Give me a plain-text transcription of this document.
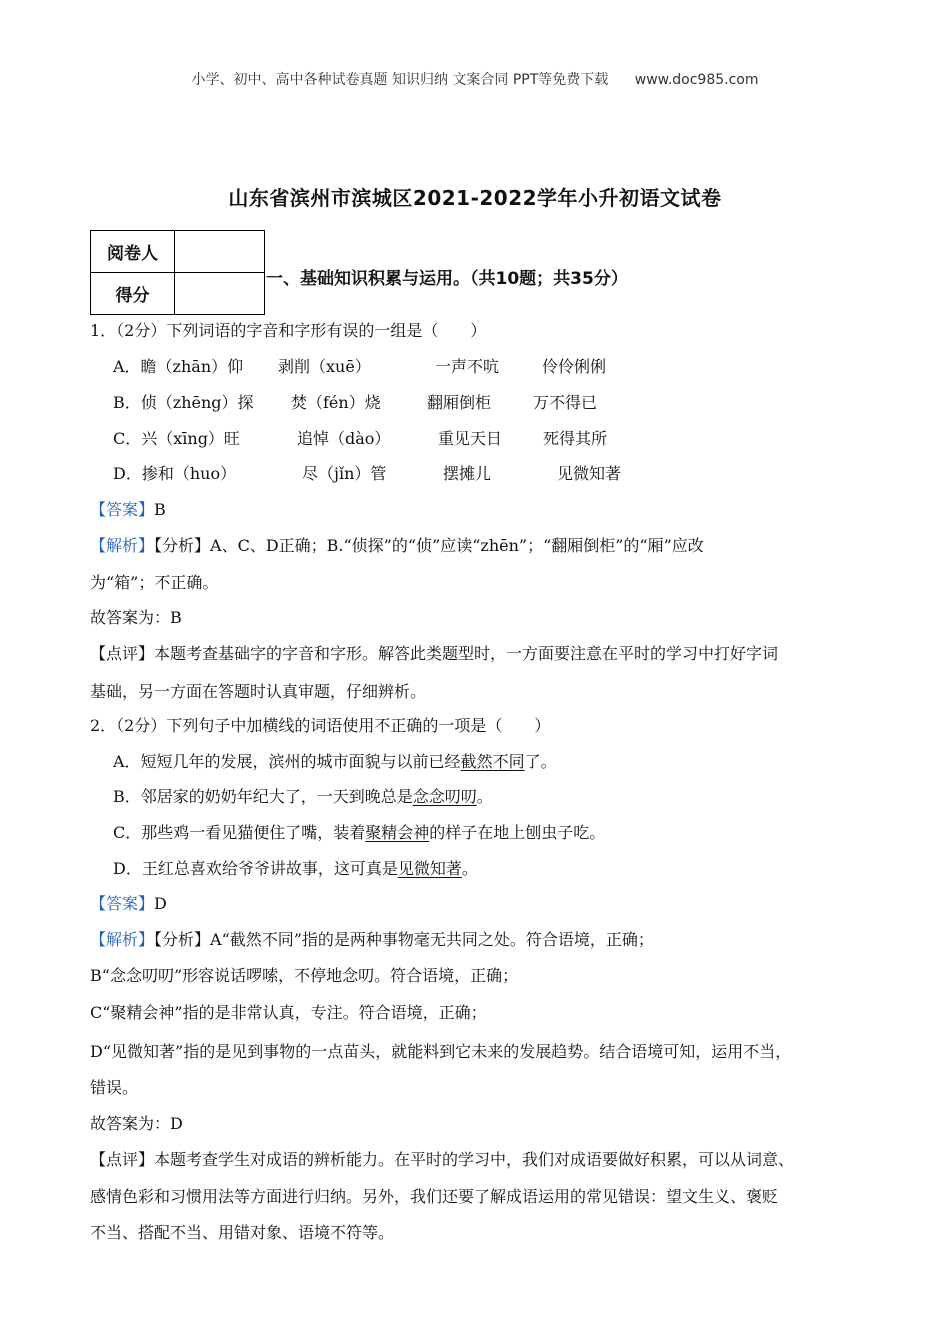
小学、初中、高中各种试卷真题 知识归纳 文案合同 PPT等免费下载 www.doc985.com
山东省滨州市滨城区2021-2022学年小升初语文试卷
阅卷人	
得分	
一、基础知识积累与运用。（共10题；共35分）
1．（2分）下列词语的字音和字形有误的一组是（　　）
A．瞻（zhān）仰 剥削（xuē）	一声不吭	伶伶俐俐
B．侦（zhēng）探 焚（fén）烧	翻厢倒柜	万不得已
C．兴（xīng）旺	追悼（dào）	重见天日	死得其所
D．掺和（huo）	尽（jǐn）管	摆摊儿	见微知著
【答案】B
【解析】【分析】A、C、D正确；B.“侦探”的“侦”应读“zhēn”；“翻厢倒柜”的“厢”应改
为“箱”；不正确。
故答案为：B
【点评】本题考查基础字的字音和字形。解答此类题型时，一方面要注意在平时的学习中打好字词
基础，另一方面在答题时认真审题，仔细辨析。
2．（2分）下列句子中加横线的词语使用不正确的一项是（　　）
A．短短几年的发展，滨州的城市面貌与以前已经截然不同了。
B．邻居家的奶奶年纪大了，一天到晚总是念念叨叨。
C．那些鸡一看见猫便住了嘴，装着聚精会神的样子在地上刨虫子吃。
D．王红总喜欢给爷爷讲故事，这可真是见微知著。
【答案】D
【解析】【分析】A“截然不同”指的是两种事物毫无共同之处。符合语境，正确；
B“念念叨叨”形容说话啰嗦，不停地念叨。符合语境，正确；
C“聚精会神”指的是非常认真，专注。符合语境，正确；
D“见微知著”指的是见到事物的一点苗头，就能料到它未来的发展趋势。结合语境可知，运用不当，
错误。
故答案为：D
【点评】本题考查学生对成语的辨析能力。在平时的学习中，我们对成语要做好积累，可以从词意、
感情色彩和习惯用法等方面进行归纳。另外，我们还要了解成语运用的常见错误：望文生义、褒贬
不当、搭配不当、用错对象、语境不符等。
